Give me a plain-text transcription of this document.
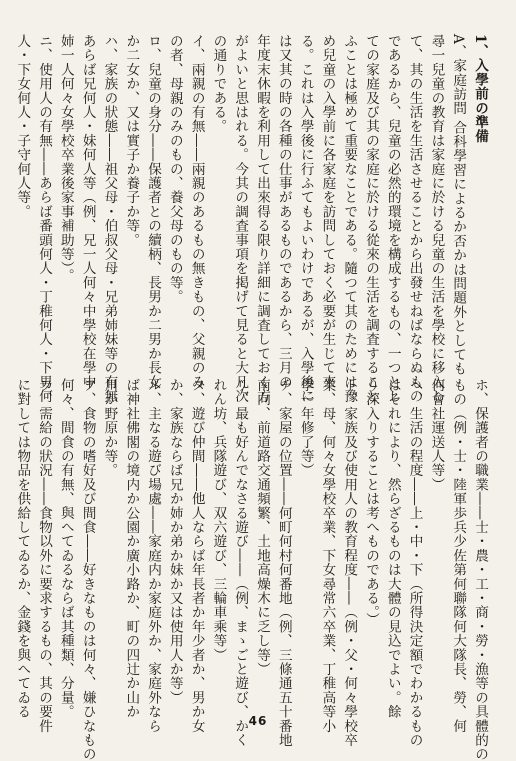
1、入學前の準備
A、家庭訪問 合科學習によるか否かは問題外としても
尋一兒童の教育は家庭に於ける兒童の生活を學校に移入し
て、其の生活を生活させることから出發せねばならぬもの
であるから、兒童の必然的環境を構成するもの、一つとし
ての家庭及び其の家庭に於ける從來の生活を調査すること
ふことは極めて重要なことである。隨つて其のためには豫
め兒童の入學前に各家庭を訪問しておく必要が生じて來
る。これは入學後に行ふてもよいわけであるが、入學後に
は又其の時の各種の仕事があるものであるから、三月の
年度末休暇を利用して出來得る限り詳細に調査しておく方
がよいと思はれる。今其の調査事項を掲げて見ると大凡次
の通りである。
イ、兩親の有無――兩親のあるもの無きもの、父親のみ
の者、母親のみのもの、養父母のもの等。
ロ、兒童の身分――保護者との續柄、長男か二男か長女
か二女か、又は實子か養子か等。
ハ、家族の狀態――祖父母・伯叔父母・兄弟姉妹等の有無
あらば兄何人・妹何人等（例、兄一人何々中學校在學中
姉一人何々女學校卒業後家事補助等）。
ニ、使用人の有無――あらば番頭何人・丁稚何人・下男何
人・下女何人・子守何人等。
ホ、保護者の職業――士・農・工・商・勞・漁等の具體的の
もの（例・士・陸軍歩兵少佐第何聯隊何大隊長、勞、何
何會社運送人等）
ヘ、生活の程度――上・中・下（所得決定額でわかるもの
はそれにより、然らざるものは大體の見込でよい。餘
り深入りすることは考へものである。）
ト、家族及び使用人の教育程度――（例・父・何々學校卒
業、母、何々女學校卒業、下女尋常六卒業、丁稚高等小
學一年修了等）
チ、家屋の位置――何町何村何番地（例、三條通五十番地
南向、前道路交通頻繁、土地高燥木に乏し等）
リ、最も好んでなさる遊び――（例、まゝごと遊び、かく
れん坊、兵隊遊び、双六遊び、三輪車乘等）
ヌ、遊び仲間――他人ならば年長者か年少者か、男か女
か、家族ならば兄か姉か弟か妹か又は使用人か等）
ル、主なる遊び場處――家庭内か家庭外か、家庭外なら
ば神社佛閣の境内か公園か廣小路か、町の四辻か山か
川か野原か等。
ヲ、食物の嗜好及び間食――好きなものは何々、嫌ひなもの
何々、間食の有無、與へてゐるならば其種類、分量。
ワ、需給の狀況――食物以外に要求するもの、其の要件
に對しては物品を供給してゐるか、金錢を與へてゐる
46
